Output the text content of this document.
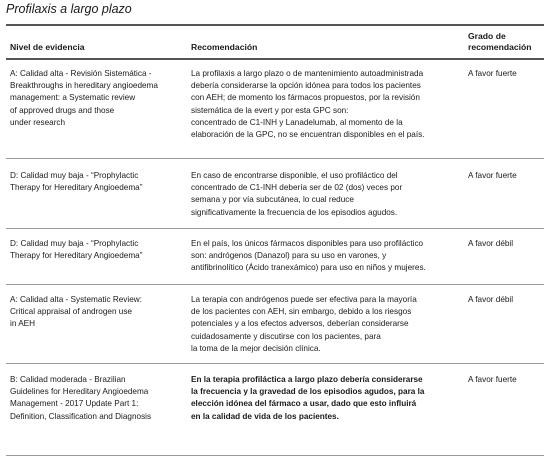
Profilaxis a largo plazo
Nivel de evidencia	Recomendación
Grado de
recomendación
A: Calidad alta - Revisión Sistemática -
Breakthroughs in hereditary angioedema
management: a Systematic review
of approved drugs and those
under research
La profilaxis a largo plazo o de mantenimiento autoadministrada
debería considerarse la opción idónea para todos los pacientes
con AEH; de momento los fármacos propuestos, por la revisión
sistemática de la evert y por esta GPC son:
concentrado de C1-INH y Lanadelumab, al momento de la
elaboración de la GPC, no se encuentran disponibles en el país.
A favor fuerte
D: Calidad muy baja - “Prophylactic
Therapy for Hereditary Angioedema”
En caso de encontrarse disponible, el uso profiláctico del
concentrado de C1-INH debería ser de 02 (dos) veces por
semana y por vía subcutánea, lo cual reduce
significativamente la frecuencia de los episodios agudos.
A favor fuerte
D: Calidad muy baja - “Prophylactic
Therapy for Hereditary Angioedema”
En el país, los únicos fármacos disponibles para uso profiláctico
son: andrógenos (Danazol) para su uso en varones, y
antifibrinolítico (Ácido tranexámico) para uso en niños y mujeres.
A favor débil
A: Calidad alta - Systematic Review:
Critical appraisal of androgen use
in AEH
La terapia con andrógenos puede ser efectiva para la mayoría
de los pacientes con AEH, sin embargo, debido a los riesgos
potenciales y a los efectos adversos, deberían considerarse
cuidadosamente y discutirse con los pacientes, para
la toma de la mejor decisión clínica.
A favor débil
B: Calidad moderada - Brazilian
Guidelines for Hereditary Angioedema
Management - 2017 Update Part 1:
Definition, Classification and Diagnosis
En la terapia profiláctica a largo plazo debería considerarse
la frecuencia y la gravedad de los episodios agudos, para la
elección idónea del fármaco a usar, dado que esto influirá
en la calidad de vida de los pacientes.
A favor fuerte
